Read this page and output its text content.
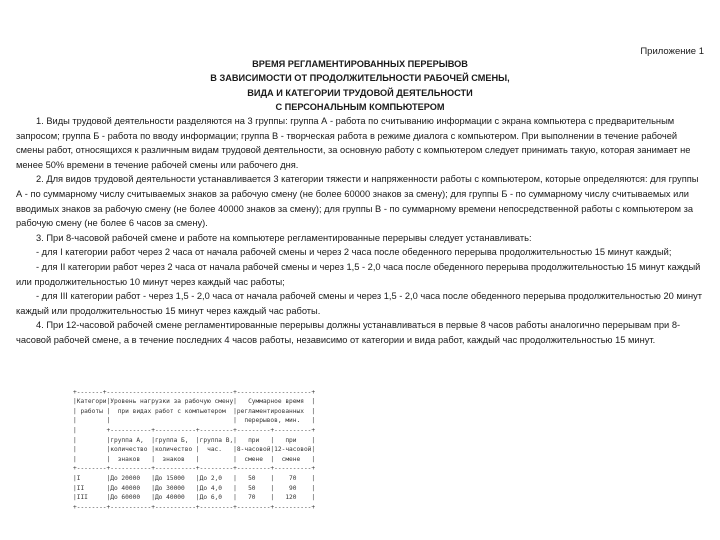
Приложение 1
ВРЕМЯ РЕГЛАМЕНТИРОВАННЫХ ПЕРЕРЫВОВ
В ЗАВИСИМОСТИ ОТ ПРОДОЛЖИТЕЛЬНОСТИ РАБОЧЕЙ СМЕНЫ,
ВИДА И КАТЕГОРИИ ТРУДОВОЙ ДЕЯТЕЛЬНОСТИ
С ПЕРСОНАЛЬНЫМ КОМПЬЮТЕРОМ

1. Виды трудовой деятельности разделяются на 3 группы: группа А - работа по считыванию информации с экрана компьютера с предварительным запросом; группа Б - работа по вводу информации; группа В - творческая работа в режиме диалога с компьютером. При выполнении в течение рабочей смены работ, относящихся к различным видам трудовой деятельности, за основную работу с компьютером следует принимать такую, которая занимает не менее 50% времени в течение рабочей смены или рабочего дня.

2. Для видов трудовой деятельности устанавливается 3 категории тяжести и напряженности работы с компьютером, которые определяются: для группы А - по суммарному числу считываемых знаков за рабочую смену (не более 60000 знаков за смену); для группы Б - по суммарному числу считываемых или вводимых знаков за рабочую смену (не более 40000 знаков за смену); для группы В - по суммарному времени непосредственной работы с компьютером за рабочую смену (не более 6 часов за смену).

3. При 8-часовой рабочей смене и работе на компьютере регламентированные перерывы следует устанавливать:

- для I категории работ через 2 часа от начала рабочей смены и через 2 часа после обеденного перерыва продолжительностью 15 минут каждый;

- для II категории работ через 2 часа от начала рабочей смены и через 1,5 - 2,0 часа после обеденного перерыва продолжительностью 15 минут каждый или продолжительностью 10 минут через каждый час работы;

- для III категории работ - через 1,5 - 2,0 часа от начала рабочей смены и через 1,5 - 2,0 часа после обеденного перерыва продолжительностью 20 минут каждый или продолжительностью 15 минут через каждый час работы.

4. При 12-часовой рабочей смене регламентированные перерывы должны устанавливаться в первые 8 часов работы аналогично перерывам при 8-часовой рабочей смене, а в течение последних 4 часов работы, независимо от категории и вида работ, каждый час продолжительностью 15 минут.

+-------+----------------------------------+--------------------+
|Категори|Уровень нагрузки за рабочую смену|   Суммарное время  |
| работы |  при видах работ с компьютером  |регламентированных  |
|        |                                 |  перерывов, мин.   |
|        +-----------+-----------+---------+---------+----------+
|        |группа А,  |группа Б,  |группа В,|   при   |   при    |
|        |количество |количество |  час.   |8-часовой|12-часовой|
|        |  знаков   |  знаков   |         |  смене  |  смене   |
+--------+-----------+-----------+---------+---------+----------+
|I       |До 20000   |До 15000   |До 2,0   |   50    |    70    |
|II      |До 40000   |До 30000   |До 4,0   |   50    |    90    |
|III     |До 60000   |До 40000   |До 6,0   |   70    |   120    |
+--------+-----------+-----------+---------+---------+----------+
